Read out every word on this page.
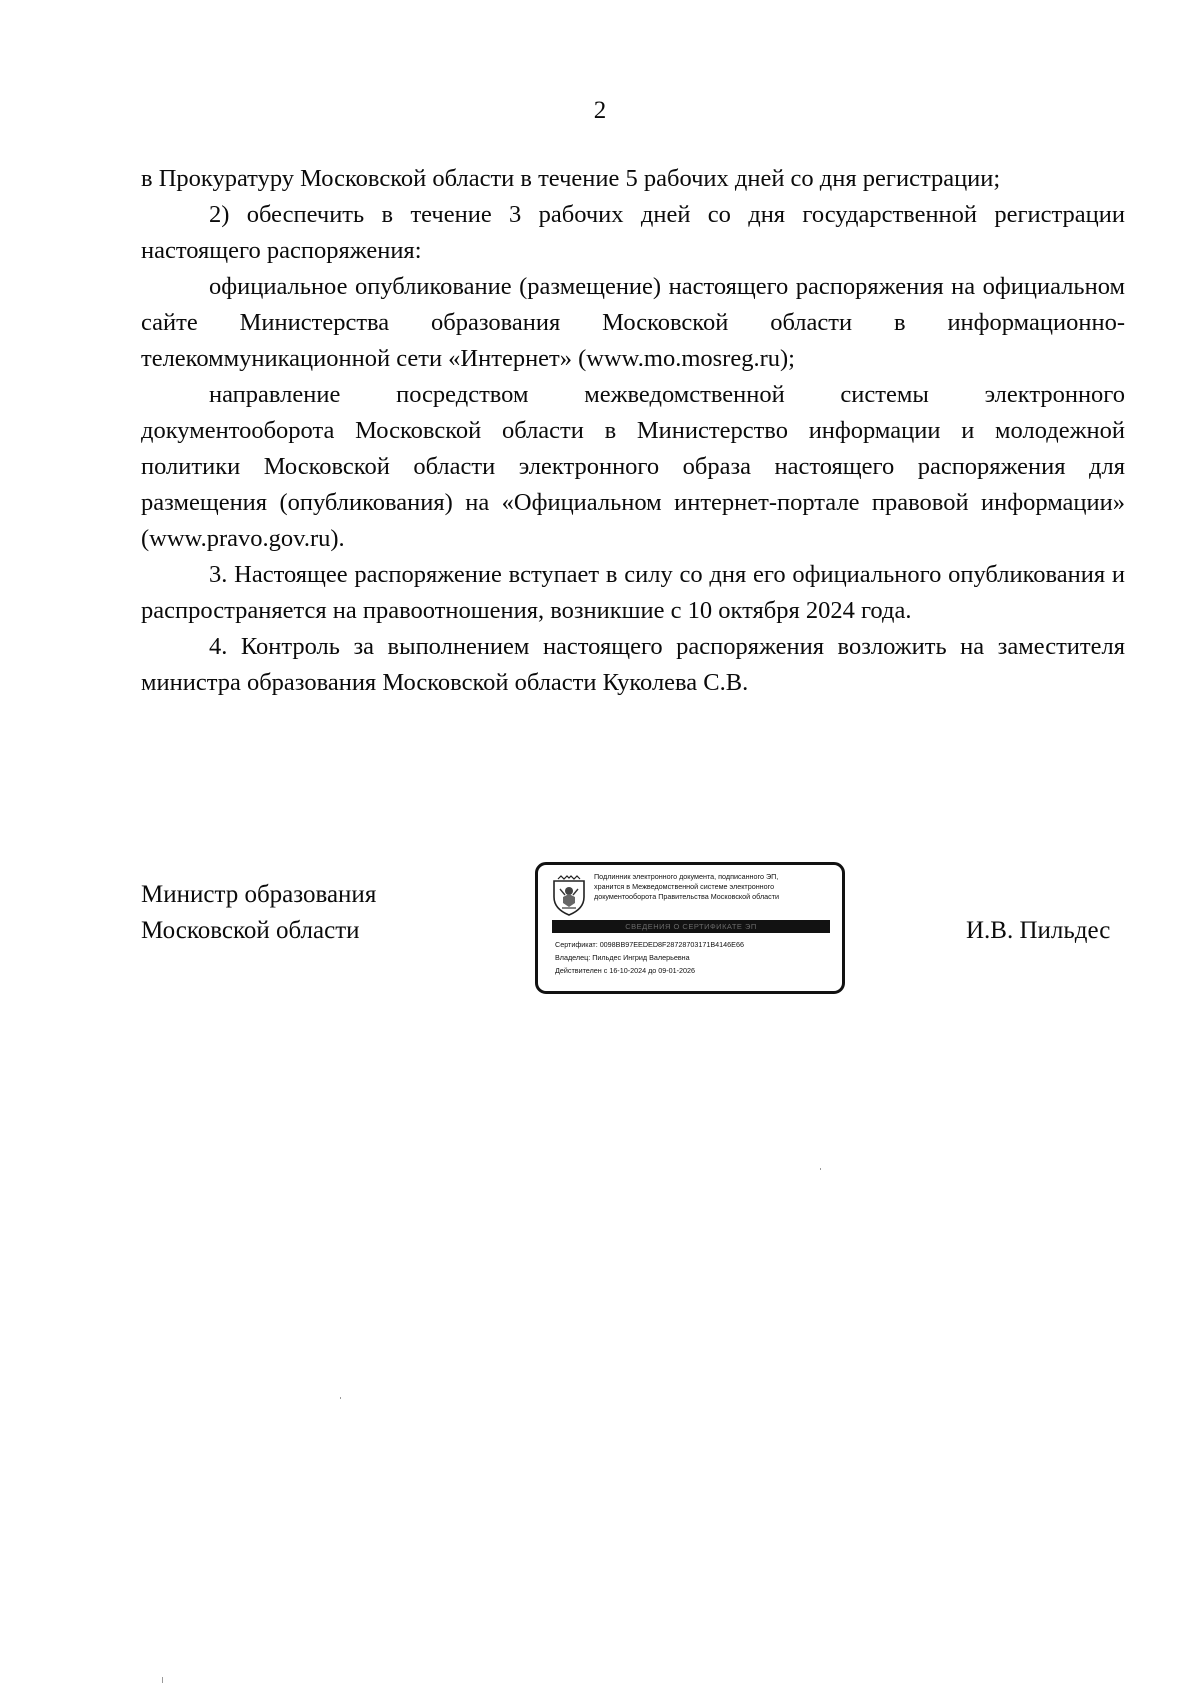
2

в Прокуратуру Московской области в течение 5 рабочих дней со дня регистрации;

2) обеспечить в течение 3 рабочих дней со дня государственной регистрации настоящего распоряжения:

официальное опубликование (размещение) настоящего распоряжения на официальном сайте Министерства образования Московской области в информационно-телекоммуникационной сети «Интернет» (www.mo.mosreg.ru);

направление посредством межведомственной системы электронного документооборота Московской области в Министерство информации и молодежной политики Московской области электронного образа настоящего распоряжения для размещения (опубликования) на «Официальном интернет-портале правовой информации» (www.pravo.gov.ru).

3. Настоящее распоряжение вступает в силу со дня его официального опубликования и распространяется на правоотношения, возникшие с 10 октября 2024 года.

4. Контроль за выполнением настоящего распоряжения возложить на заместителя министра образования Московской области Куколева С.В.

Министр образования
Московской области
Подлинник электронного документа, подписанного ЭП,
хранится в Межведомственной системе электронного
документооборота Правительства Московской области
СВЕДЕНИЯ О СЕРТИФИКАТЕ ЭП
Сертификат: 0098BB97EEDED8F28728703171B4146E66
Владелец: Пильдес Ингрид Валерьевна
Действителен с 16-10-2024 до 09-01-2026
И.В. Пильдес
